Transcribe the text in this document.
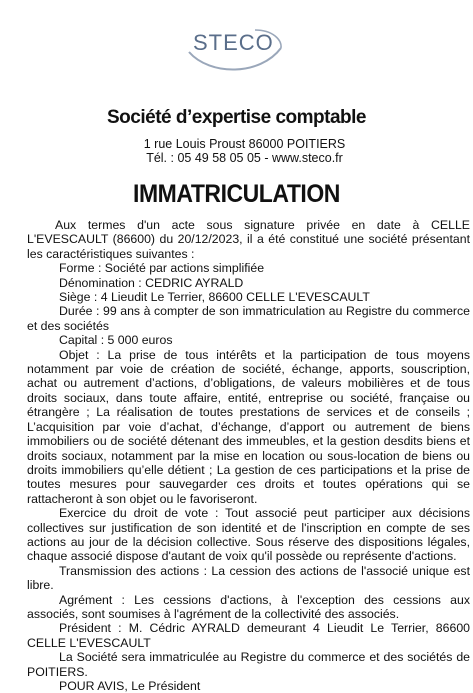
STECO
Société d’expertise comptable
1 rue Louis Proust 86000 POITIERS
Tél. : 05 49 58 05 05 - www.steco.fr
IMMATRICULATION

Aux termes d'un acte sous signature privée en date à CELLE L'EVESCAULT (86600) du 20/12/2023, il a été constitué une société présentant les caractéristiques suivantes :

Forme : Société par actions simplifiée

Dénomination : CEDRIC AYRALD

Siège : 4 Lieudit Le Terrier, 86600 CELLE L'EVESCAULT

Durée : 99 ans à compter de son immatriculation au Registre du commerce et des sociétés

Capital : 5 000 euros

Objet : La prise de tous intérêts et la participation de tous moyens notamment par voie de création de société, échange, apports, souscription, achat ou autrement d’actions, d’obligations, de valeurs mobilières et de tous droits sociaux, dans toute affaire, entité, entreprise ou société, française ou étrangère ; La réalisation de toutes prestations de services et de conseils ; L’acquisition par voie d’achat, d’échange, d’apport ou autrement de biens immobiliers ou de société détenant des immeubles, et la gestion desdits biens et droits sociaux, notamment par la mise en location ou sous-location de biens ou droits immobiliers qu’elle détient ; La gestion de ces participations et la prise de toutes mesures pour sauvegarder ces droits et toutes opérations qui se rattacheront à son objet ou le favoriseront.

Exercice du droit de vote : Tout associé peut participer aux décisions collectives sur justification de son identité et de l'inscription en compte de ses actions au jour de la décision collective. Sous réserve des dispositions légales, chaque associé dispose d'autant de voix qu'il possède ou représente d'actions.

Transmission des actions : La cession des actions de l'associé unique est libre.

Agrément : Les cessions d'actions, à l'exception des cessions aux associés, sont soumises à l'agrément de la collectivité des associés.

Président : M. Cédric AYRALD demeurant 4 Lieudit Le Terrier, 86600 CELLE L'EVESCAULT

La Société sera immatriculée au Registre du commerce et des sociétés de POITIERS.

POUR AVIS, Le Président
